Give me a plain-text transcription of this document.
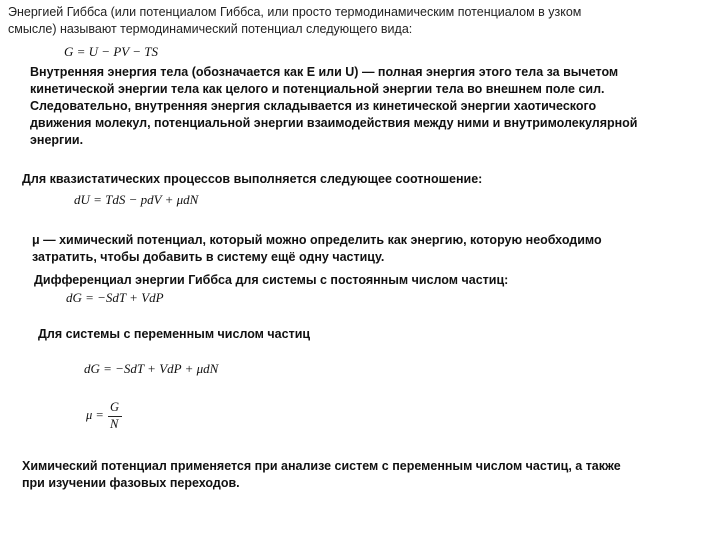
Энергией Гиббса (или потенциалом Гиббса, или просто термодинамическим потенциалом в узком
смысле) называют термодинамический потенциал следующего вида:
G = U − PV − TS
Внутренняя энергия тела (обозначается как E или U) — полная энергия этого тела за вычетом
кинетической энергии тела как целого и потенциальной энергии тела во внешнем поле сил.
Следовательно, внутренняя энергия складывается из кинетической энергии хаотического
движения молекул, потенциальной энергии взаимодействия между ними и внутримолекулярной
энергии.
Для квазистатических процессов выполняется следующее соотношение:
dU = TdS − pdV + μdN
μ — химический потенциал, который можно определить как энергию, которую необходимо
затратить, чтобы добавить в систему ещё одну частицу.
Дифференциал энергии Гиббса для системы с постоянным числом частиц:
dG = −SdT + VdP
Для системы с переменным числом частиц
dG = −SdT + VdP + μdN
μ =
G
N
Химический потенциал применяется при анализе систем с переменным числом частиц, а также
при изучении фазовых переходов.
